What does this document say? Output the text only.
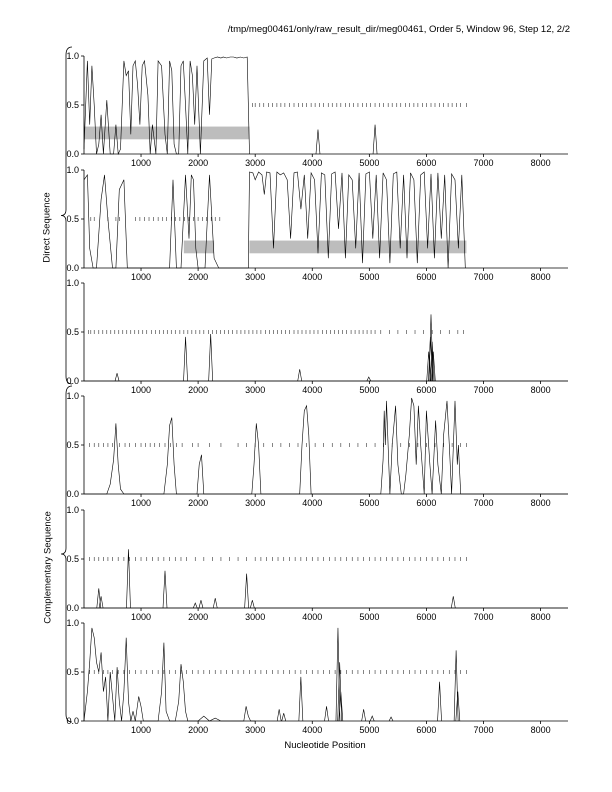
/tmp/meg00461/only/raw_result_dir/meg00461, Order 5, Window 96, Step 12, 2/2
Direct Sequence
Complementary Sequence
0.0
0.5
1.0
1000	2000	3000	4000	5000	6000	7000	8000
0.0
0.5
1.0
1000	2000	3000	4000	5000	6000	7000	8000
0.0
0.5
1.0
1000	2000	3000	4000	5000	6000	7000	8000
0.0
0.5
1.0
1000	2000	3000	4000	5000	6000	7000	8000
0.0
0.5
1.0
1000	2000	3000	4000	5000	6000	7000	8000
0.0
0.5
1.0
1000	2000	3000	4000	5000	6000	7000	8000
Nucleotide Position
